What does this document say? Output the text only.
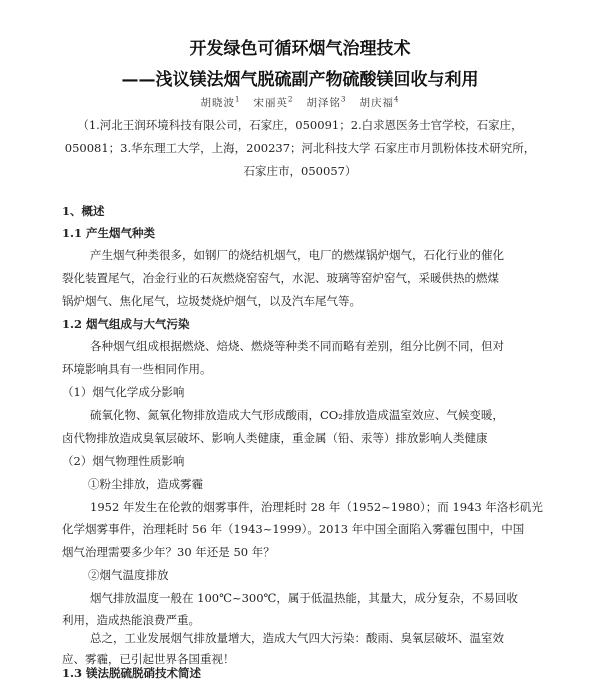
开发绿色可循环烟气治理技术
——浅议镁法烟气脱硫副产物硫酸镁回收与利用
胡晓波$^1$ 宋丽英$^2$ 胡泽铭$^3$ 胡庆福$^4$
（1.河北王润环境科技有限公司，石家庄，050091；2.白求恩医务士官学校，石家庄，
050081；3.华东理工大学，上海，200237；河北科技大学 石家庄市月凯粉体技术研究所，
石家庄市，050057）
1、概述
1.1 产生烟气种类
产生烟气种类很多，如钢厂的烧结机烟气，电厂的燃煤锅炉烟气，石化行业的催化
裂化装置尾气，冶金行业的石灰燃烧窑窑气，水泥、玻璃等窑炉窑气，采暖供热的燃煤
锅炉烟气、焦化尾气，垃圾焚烧炉烟气，以及汽车尾气等。
1.2 烟气组成与大气污染
各种烟气组成根据燃烧、焙烧、燃烧等种类不同而略有差别，组分比例不同，但对
环境影响具有一些相同作用。
（1）烟气化学成分影响
硫氧化物、氮氧化物排放造成大气形成酸雨，CO₂排放造成温室效应、气候变暖，
卤代物排放造成臭氧层破坏、影响人类健康，重金属（铅、汞等）排放影响人类健康
（2）烟气物理性质影响
①粉尘排放，造成雾霾
1952 年发生在伦敦的烟雾事件，治理耗时 28 年（1952~1980）；而 1943 年洛杉矶光
化学烟雾事件，治理耗时 56 年（1943~1999）。2013 年中国全面陷入雾霾包围中，中国
烟气治理需要多少年？30 年还是 50 年？
②烟气温度排放
烟气排放温度一般在 100℃~300℃，属于低温热能，其量大，成分复杂，不易回收
利用，造成热能浪费严重。
总之，工业发展烟气排放量增大，造成大气四大污染：酸雨、臭氧层破坏、温室效
应、雾霾，已引起世界各国重视！
1.3 镁法脱硫脱硝技术简述
